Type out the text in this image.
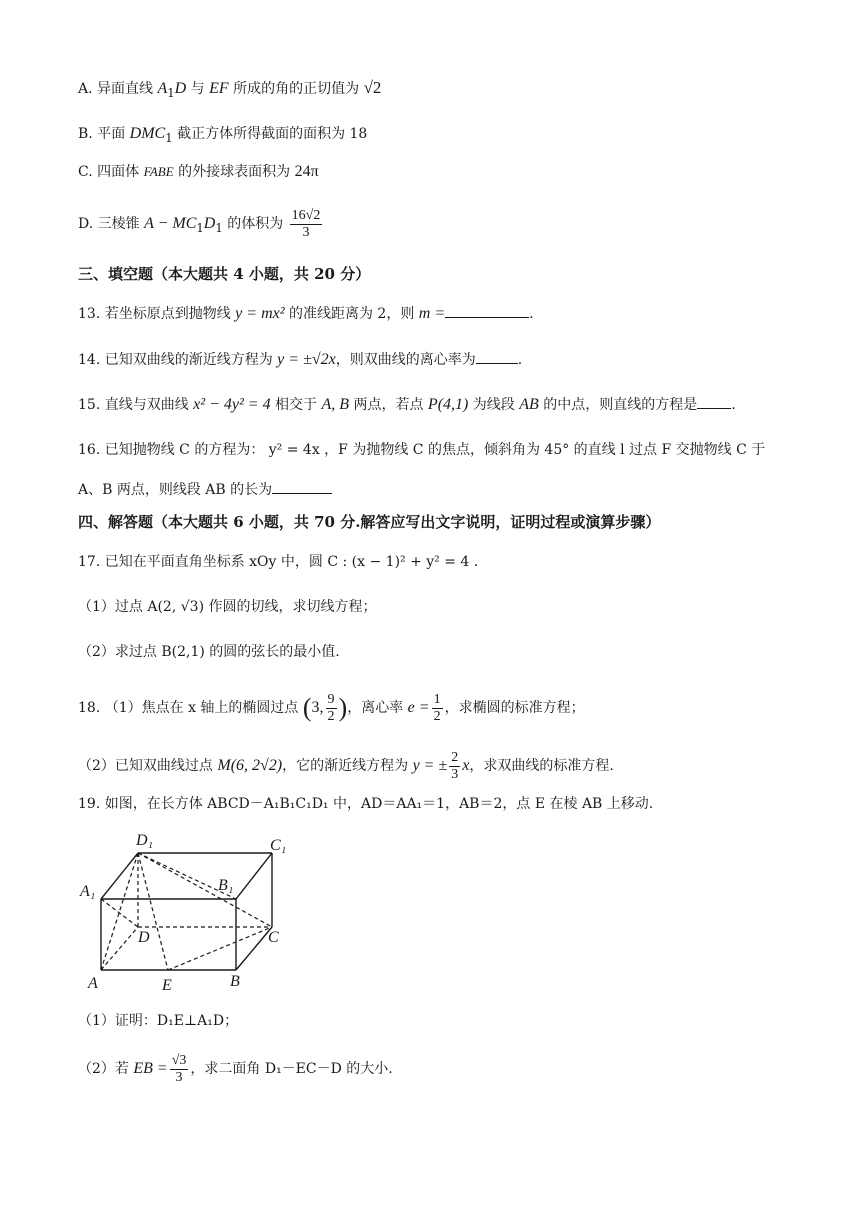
A. 异面直线 $A_1D$ 与 EF 所成的角的正切值为 √2
B. 平面 $DMC_1$ 截正方体所得截面的面积为 18
C. 四面体 FABE 的外接球表面积为 24π
D. 三棱锥 $A - MC_1D_1$ 的体积为 $\frac{16√2}{3}$
三、填空题（本大题共 4 小题，共 20 分）
13. 若坐标原点到抛物线 y = mx² 的准线距离为 2，则 m =	.
14. 已知双曲线的渐近线方程为 y = ±√2x，则双曲线的离心率为	.
15. 直线与双曲线 x² − 4y² = 4 相交于 A, B 两点，若点 P(4,1) 为线段 AB 的中点，则直线的方程是 .
16. 已知抛物线 C 的方程为： y² = 4x ，F 为抛物线 C 的焦点，倾斜角为 45° 的直线 l 过点 F 交抛物线 C 于
A、B 两点，则线段 AB 的长为
四、解答题（本大题共 6 小题，共 70 分.解答应写出文字说明，证明过程或演算步骤）
17. 已知在平面直角坐标系 xOy 中，圆 C : (x − 1)² + y² = 4 .
（1）过点 A(2, √3) 作圆的切线，求切线方程；
（2）求过点 B(2,1) 的圆的弦长的最小值.
18. （1）焦点在 x 轴上的椭圆过点 (3, $\frac{9}{2}$ )，离心率 $e = \frac{1}{2}$ ，求椭圆的标准方程；
（2）已知双曲线过点 M(6, 2√2)，它的渐近线方程为 y = ± $\frac{2}{3}$ x，求双曲线的标准方程.
19. 如图，在长方体 ABCD－A₁B₁C₁D₁ 中，AD＝AA₁＝1，AB＝2，点 E 在棱 AB 上移动.
D₁	C₁
A₁	B₁
D	C
A	E	B
（1）证明：D₁E⊥A₁D；
（2）若 EB = $\frac{√3}{3}$ ，求二面角 D₁－EC－D 的大小.
